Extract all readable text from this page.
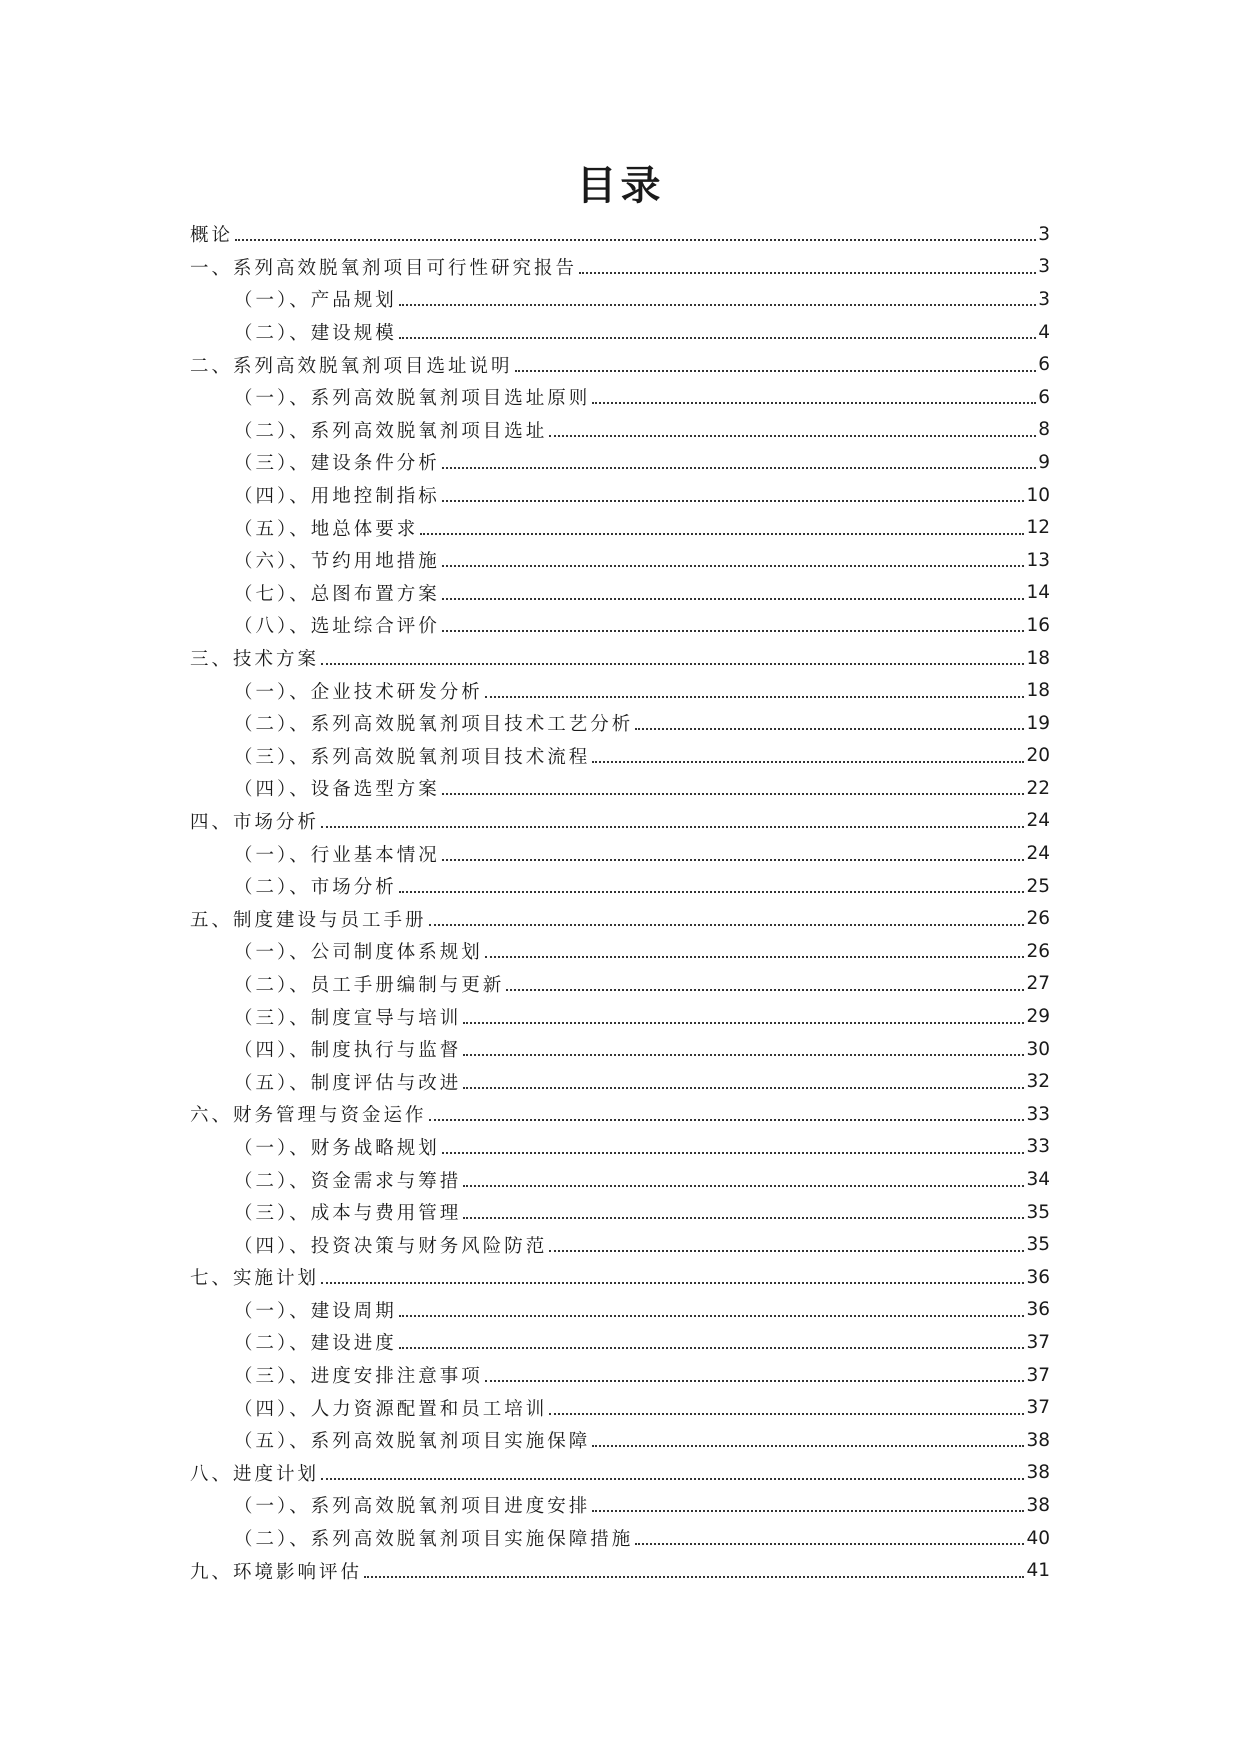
目录
概论	3
一、系列高效脱氧剂项目可行性研究报告	3
（一）、产品规划	3
（二）、建设规模	4
二、系列高效脱氧剂项目选址说明	6
（一）、系列高效脱氧剂项目选址原则	6
（二）、系列高效脱氧剂项目选址	8
（三）、建设条件分析	9
（四）、用地控制指标	10
（五）、地总体要求	12
（六）、节约用地措施	13
（七）、总图布置方案	14
（八）、选址综合评价	16
三、技术方案	18
（一）、企业技术研发分析	18
（二）、系列高效脱氧剂项目技术工艺分析	19
（三）、系列高效脱氧剂项目技术流程	20
（四）、设备选型方案	22
四、市场分析	24
（一）、行业基本情况	24
（二）、市场分析	25
五、制度建设与员工手册	26
（一）、公司制度体系规划	26
（二）、员工手册编制与更新	27
（三）、制度宣导与培训	29
（四）、制度执行与监督	30
（五）、制度评估与改进	32
六、财务管理与资金运作	33
（一）、财务战略规划	33
（二）、资金需求与筹措	34
（三）、成本与费用管理	35
（四）、投资决策与财务风险防范	35
七、实施计划	36
（一）、建设周期	36
（二）、建设进度	37
（三）、进度安排注意事项	37
（四）、人力资源配置和员工培训	37
（五）、系列高效脱氧剂项目实施保障	38
八、进度计划	38
（一）、系列高效脱氧剂项目进度安排	38
（二）、系列高效脱氧剂项目实施保障措施	40
九、环境影响评估	41
